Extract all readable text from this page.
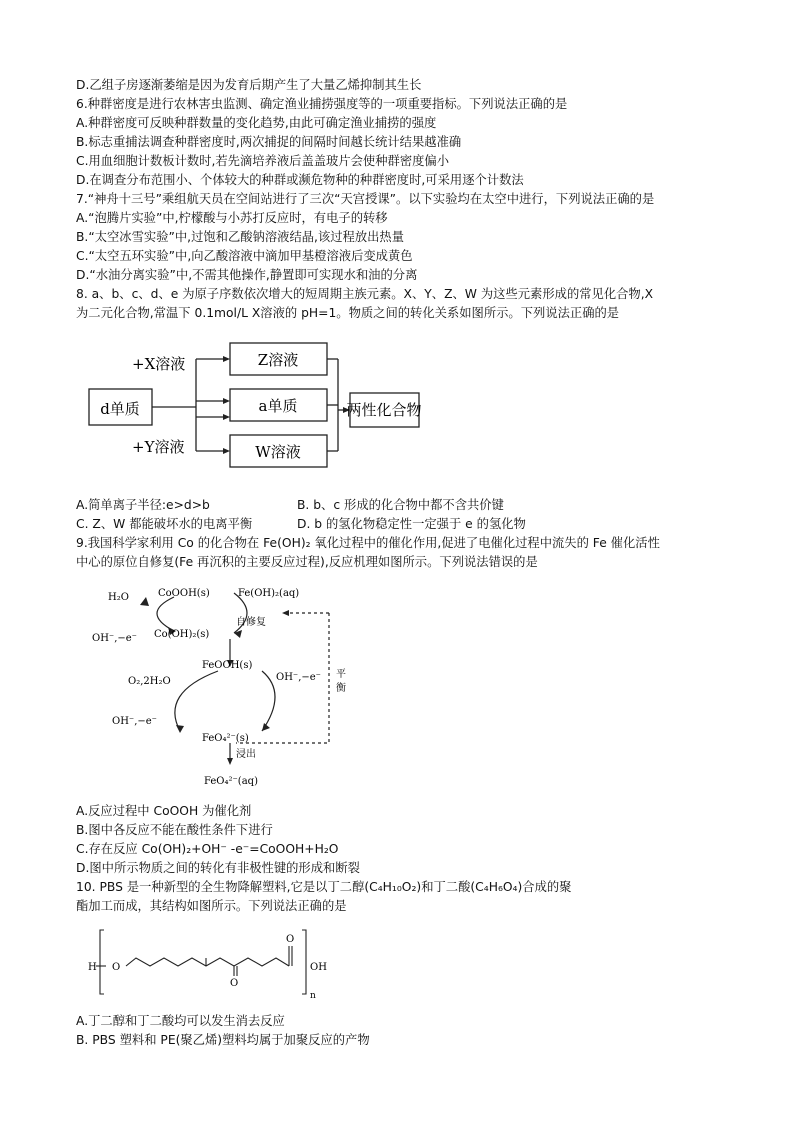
D.乙组子房逐渐萎缩是因为发育后期产生了大量乙烯抑制其生长
6.种群密度是进行农林害虫监测、确定渔业捕捞强度等的一项重要指标。下列说法正确的是
A.种群密度可反映种群数量的变化趋势,由此可确定渔业捕捞的强度
B.标志重捕法调查种群密度时,两次捕捉的间隔时间越长统计结果越准确
C.用血细胞计数板计数时,若先滴培养液后盖盖玻片会使种群密度偏小
D.在调查分布范围小、个体较大的种群或濒危物种的种群密度时,可采用逐个计数法
7.“神舟十三号”乘组航天员在空间站进行了三次“天宫授课”。以下实验均在太空中进行，下列说法正确的是
A.“泡腾片实验”中,柠檬酸与小苏打反应时，有电子的转移
B.“太空冰雪实验”中,过饱和乙酸钠溶液结晶,该过程放出热量
C.“太空五环实验”中,向乙酸溶液中滴加甲基橙溶液后变成黄色
D.“水油分离实验”中,不需其他操作,静置即可实现水和油的分离
8. a、b、c、d、e 为原子序数依次增大的短周期主族元素。X、Y、Z、W 为这些元素形成的常见化合物,X
为二元化合物,常温下 0.1mol/L X溶液的 pH=1。物质之间的转化关系如图所示。下列说法正确的是
d单质
+X溶液
+Y溶液
Z溶液
a单质
W溶液
两性化合物
A.简单离子半径:e>d>b	B. b、c 形成的化合物中都不含共价键
C. Z、W 都能破坏水的电离平衡	D. b 的氢化物稳定性一定强于 e 的氢化物
9.我国科学家利用 Co 的化合物在 Fe(OH)₂ 氧化过程中的催化作用,促进了电催化过程中流失的 Fe 催化活性
中心的原位自修复(Fe 再沉积的主要反应过程),反应机理如图所示。下列说法错误的是
H₂O	CoOOH(s)	Fe(OH)₂(aq)
OH⁻,−e⁻ Co(OH)₂(s)
自修复
FeOOH(s)
O₂,2H₂O	OH⁻,−e⁻
OH⁻,−e⁻
平
衡
FeO₄²⁻(s)
浸出
FeO₄²⁻(aq)
A.反应过程中 CoOOH 为催化剂
B.图中各反应不能在酸性条件下进行
C.存在反应 Co(OH)₂+OH⁻ -e⁻=CoOOH+H₂O
D.图中所示物质之间的转化有非极性键的形成和断裂
10. PBS 是一种新型的全生物降解塑料,它是以丁二醇(C₄H₁₀O₂)和丁二酸(C₄H₆O₄)合成的聚
酯加工而成，其结构如图所示。下列说法正确的是
H O
O
O
OH
n
A.丁二醇和丁二酸均可以发生消去反应
B. PBS 塑料和 PE(聚乙烯)塑料均属于加聚反应的产物
